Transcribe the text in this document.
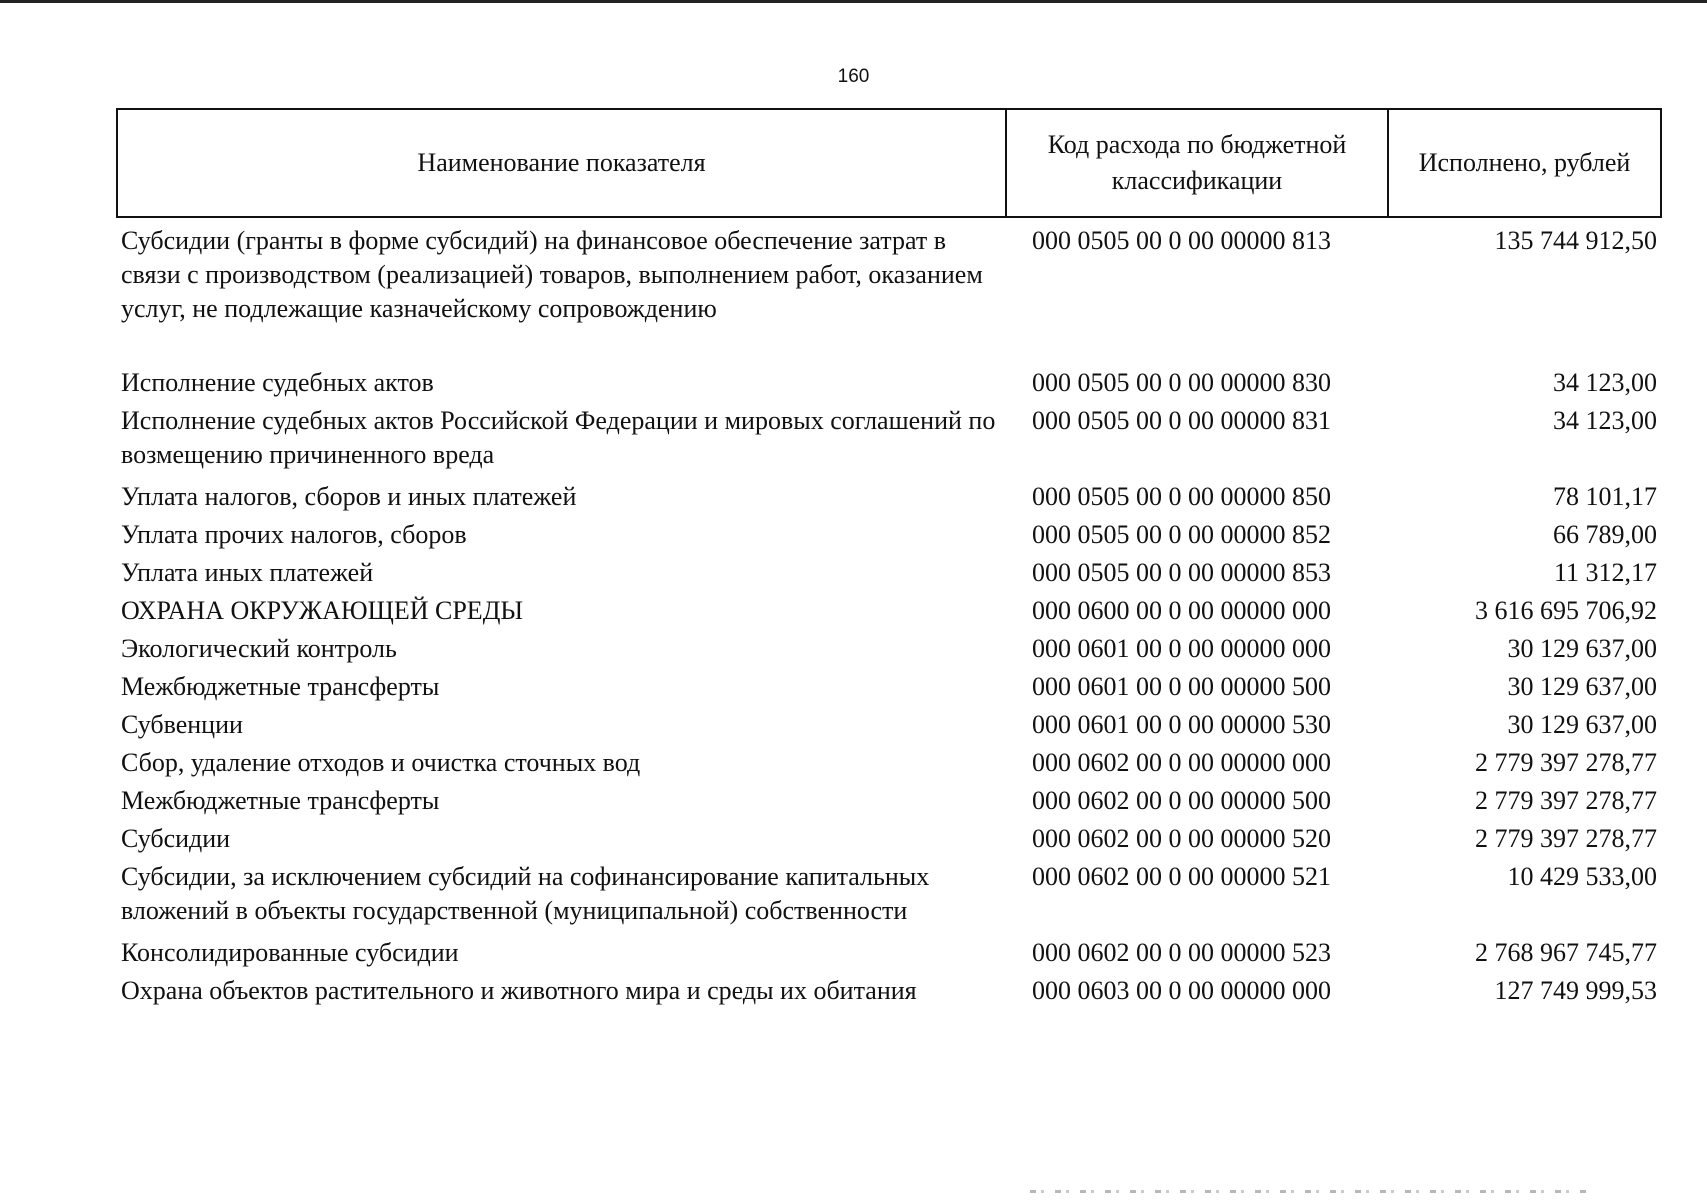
160
Наименование показателя	Код расхода по бюджетной классификации	Исполнено, рублей
Субсидии (гранты в форме субсидий) на финансовое обеспечение затрат в связи с производством (реализацией) товаров, выполнением работ, оказанием услуг, не подлежащие казначейскому сопровождению	000 0505 00 0 00 00000 813	135 744 912,50
Исполнение судебных актов	000 0505 00 0 00 00000 830	34 123,00
Исполнение судебных актов Российской Федерации и мировых соглашений по возмещению причиненного вреда	000 0505 00 0 00 00000 831	34 123,00
Уплата налогов, сборов и иных платежей	000 0505 00 0 00 00000 850	78 101,17
Уплата прочих налогов, сборов	000 0505 00 0 00 00000 852	66 789,00
Уплата иных платежей	000 0505 00 0 00 00000 853	11 312,17
ОХРАНА ОКРУЖАЮЩЕЙ СРЕДЫ	000 0600 00 0 00 00000 000	3 616 695 706,92
Экологический контроль	000 0601 00 0 00 00000 000	30 129 637,00
Межбюджетные трансферты	000 0601 00 0 00 00000 500	30 129 637,00
Субвенции	000 0601 00 0 00 00000 530	30 129 637,00
Сбор, удаление отходов и очистка сточных вод	000 0602 00 0 00 00000 000	2 779 397 278,77
Межбюджетные трансферты	000 0602 00 0 00 00000 500	2 779 397 278,77
Субсидии	000 0602 00 0 00 00000 520	2 779 397 278,77
Субсидии, за исключением субсидий на софинансирование капитальных вложений в объекты государственной (муниципальной) собственности	000 0602 00 0 00 00000 521	10 429 533,00
Консолидированные субсидии	000 0602 00 0 00 00000 523	2 768 967 745,77
Охрана объектов растительного и животного мира и среды их обитания	000 0603 00 0 00 00000 000	127 749 999,53
